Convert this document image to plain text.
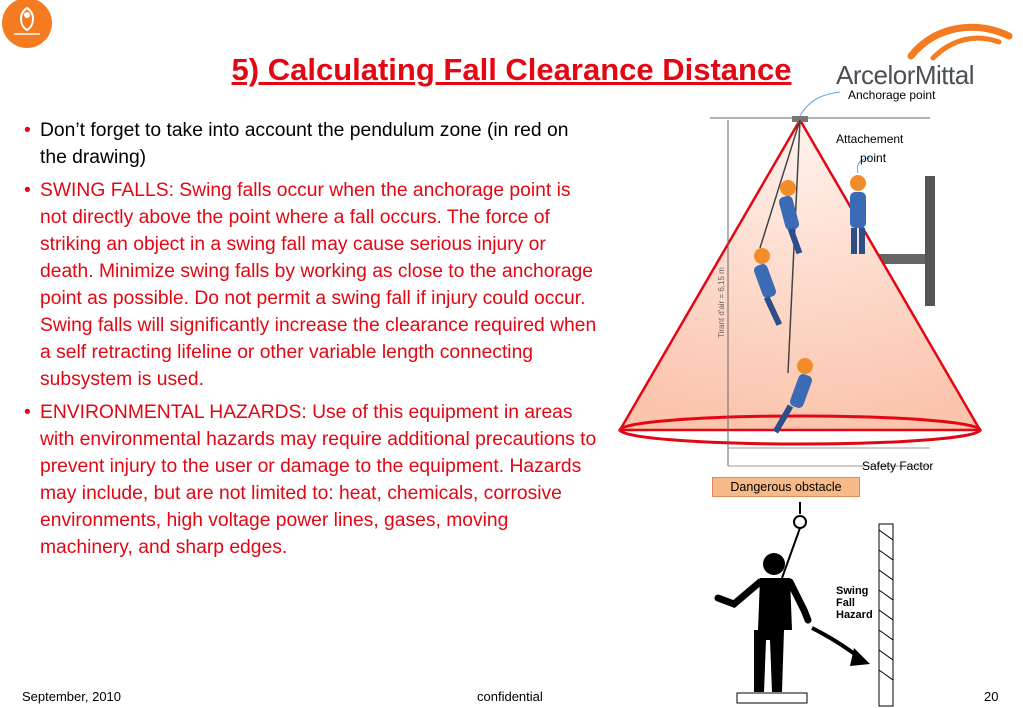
5) Calculating Fall Clearance Distance	ArcelorMittal
• Don’t forget to take into account the pendulum zone (in red on the drawing)
• SWING FALLS: Swing falls occur when the anchorage point is not directly above the point where a fall occurs. The force of striking an object in a swing fall may cause serious injury or death. Minimize swing falls by working as close to the anchorage point as possible. Do not permit a swing fall if injury could occur. Swing falls will significantly increase the clearance required when a self retracting lifeline or other variable length connecting subsystem is used.
• ENVIRONMENTAL HAZARDS: Use of this equipment in areas with environmental hazards may require additional precautions to prevent injury to the user or damage to the equipment. Hazards may include, but are not limited to: heat, chemicals, corrosive environments, high voltage power lines, gases, moving machinery, and sharp edges.
Tirant d'air = 6,15 m
Anchorage point
Attachement
point
Safety Factor
Dangerous obstacle
Swing
Fall
Hazard
September, 2010	confidential	20
